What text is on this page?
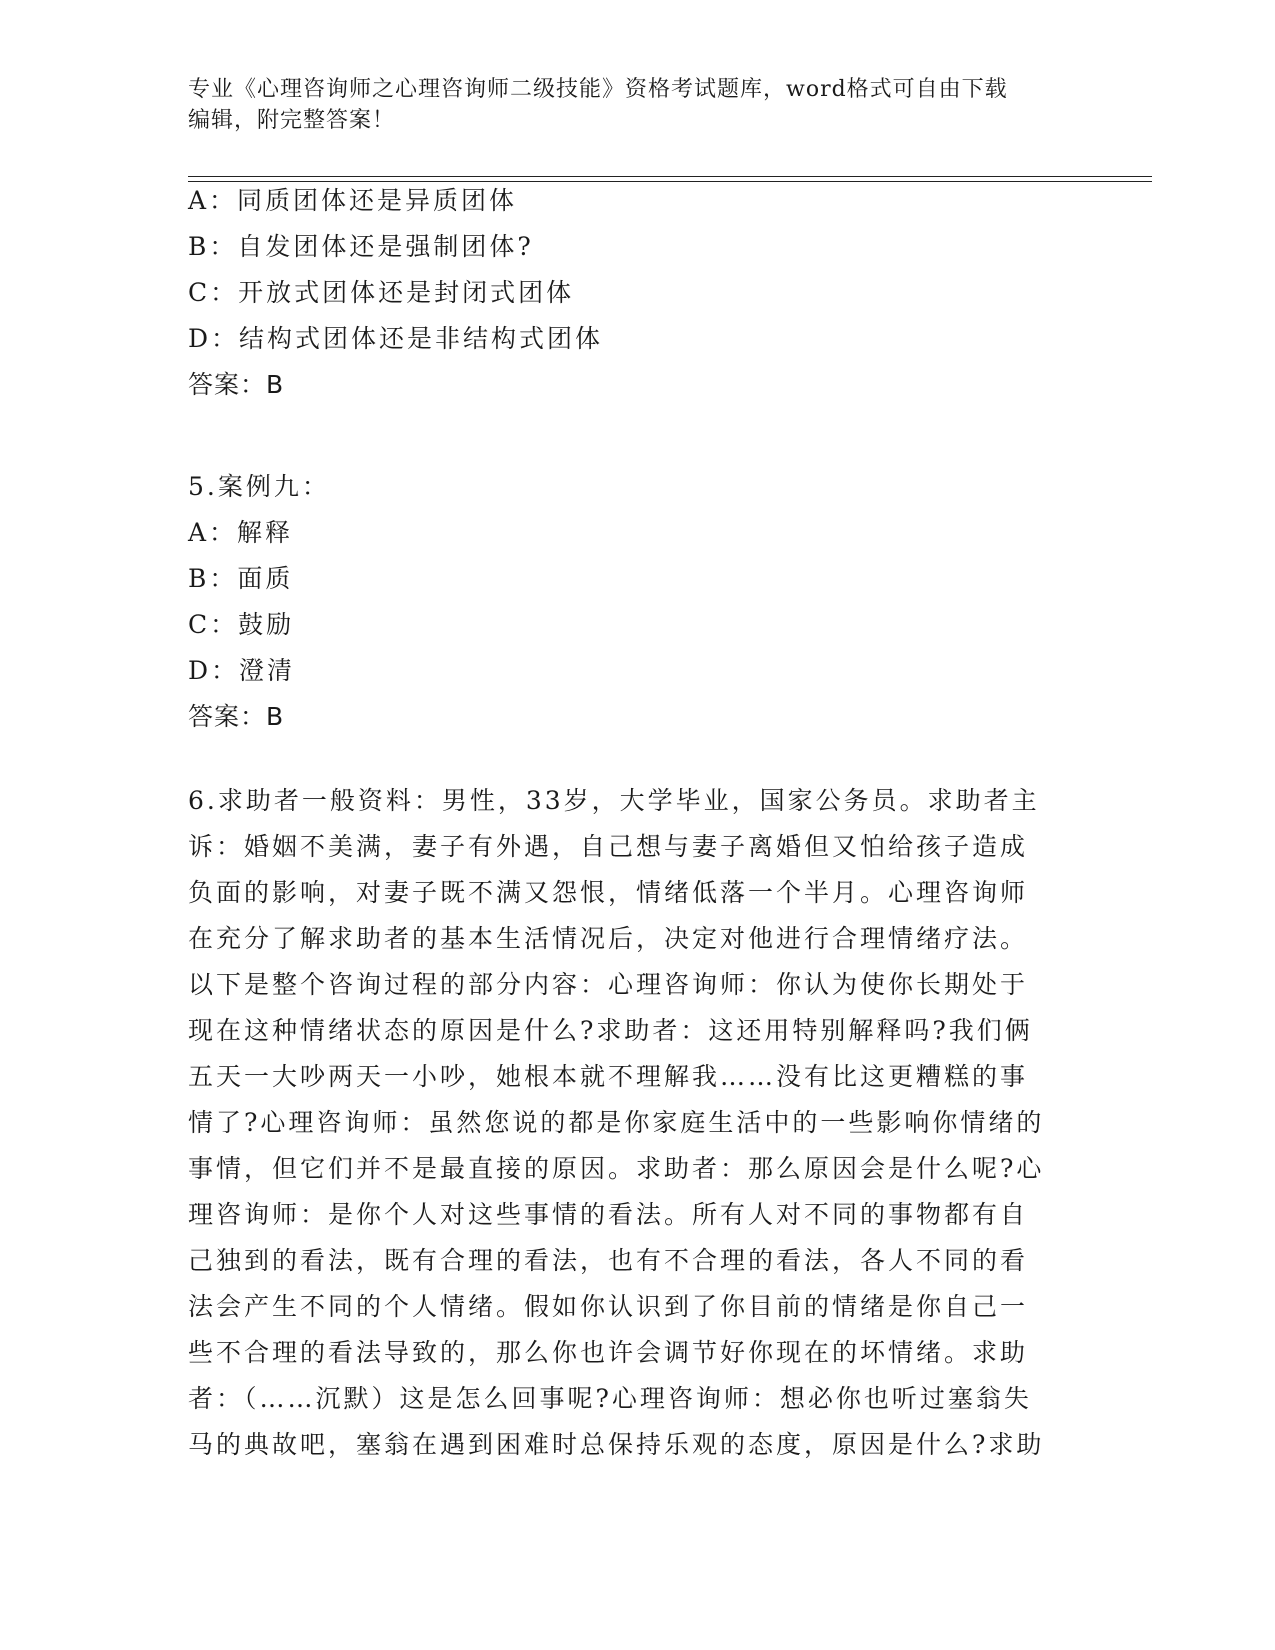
专业《心理咨询师之心理咨询师二级技能》资格考试题库，word格式可自由下载
编辑，附完整答案！
A：同质团体还是异质团体
B：自发团体还是强制团体?
C：开放式团体还是封闭式团体
D：结构式团体还是非结构式团体
答案：B
5.案例九：
A：解释
B：面质
C：鼓励
D：澄清
答案：B
6.求助者一般资料：男性，33岁，大学毕业，国家公务员。求助者主
诉：婚姻不美满，妻子有外遇，自己想与妻子离婚但又怕给孩子造成
负面的影响，对妻子既不满又怨恨，情绪低落一个半月。心理咨询师
在充分了解求助者的基本生活情况后，决定对他进行合理情绪疗法。
以下是整个咨询过程的部分内容：心理咨询师：你认为使你长期处于
现在这种情绪状态的原因是什么?求助者：这还用特别解释吗?我们俩
五天一大吵两天一小吵，她根本就不理解我……没有比这更糟糕的事
情了?心理咨询师：虽然您说的都是你家庭生活中的一些影响你情绪的
事情，但它们并不是最直接的原因。求助者：那么原因会是什么呢?心
理咨询师：是你个人对这些事情的看法。所有人对不同的事物都有自
己独到的看法，既有合理的看法，也有不合理的看法，各人不同的看
法会产生不同的个人情绪。假如你认识到了你目前的情绪是你自己一
些不合理的看法导致的，那么你也许会调节好你现在的坏情绪。求助
者：（……沉默）这是怎么回事呢?心理咨询师：想必你也听过塞翁失
马的典故吧，塞翁在遇到困难时总保持乐观的态度，原因是什么?求助
